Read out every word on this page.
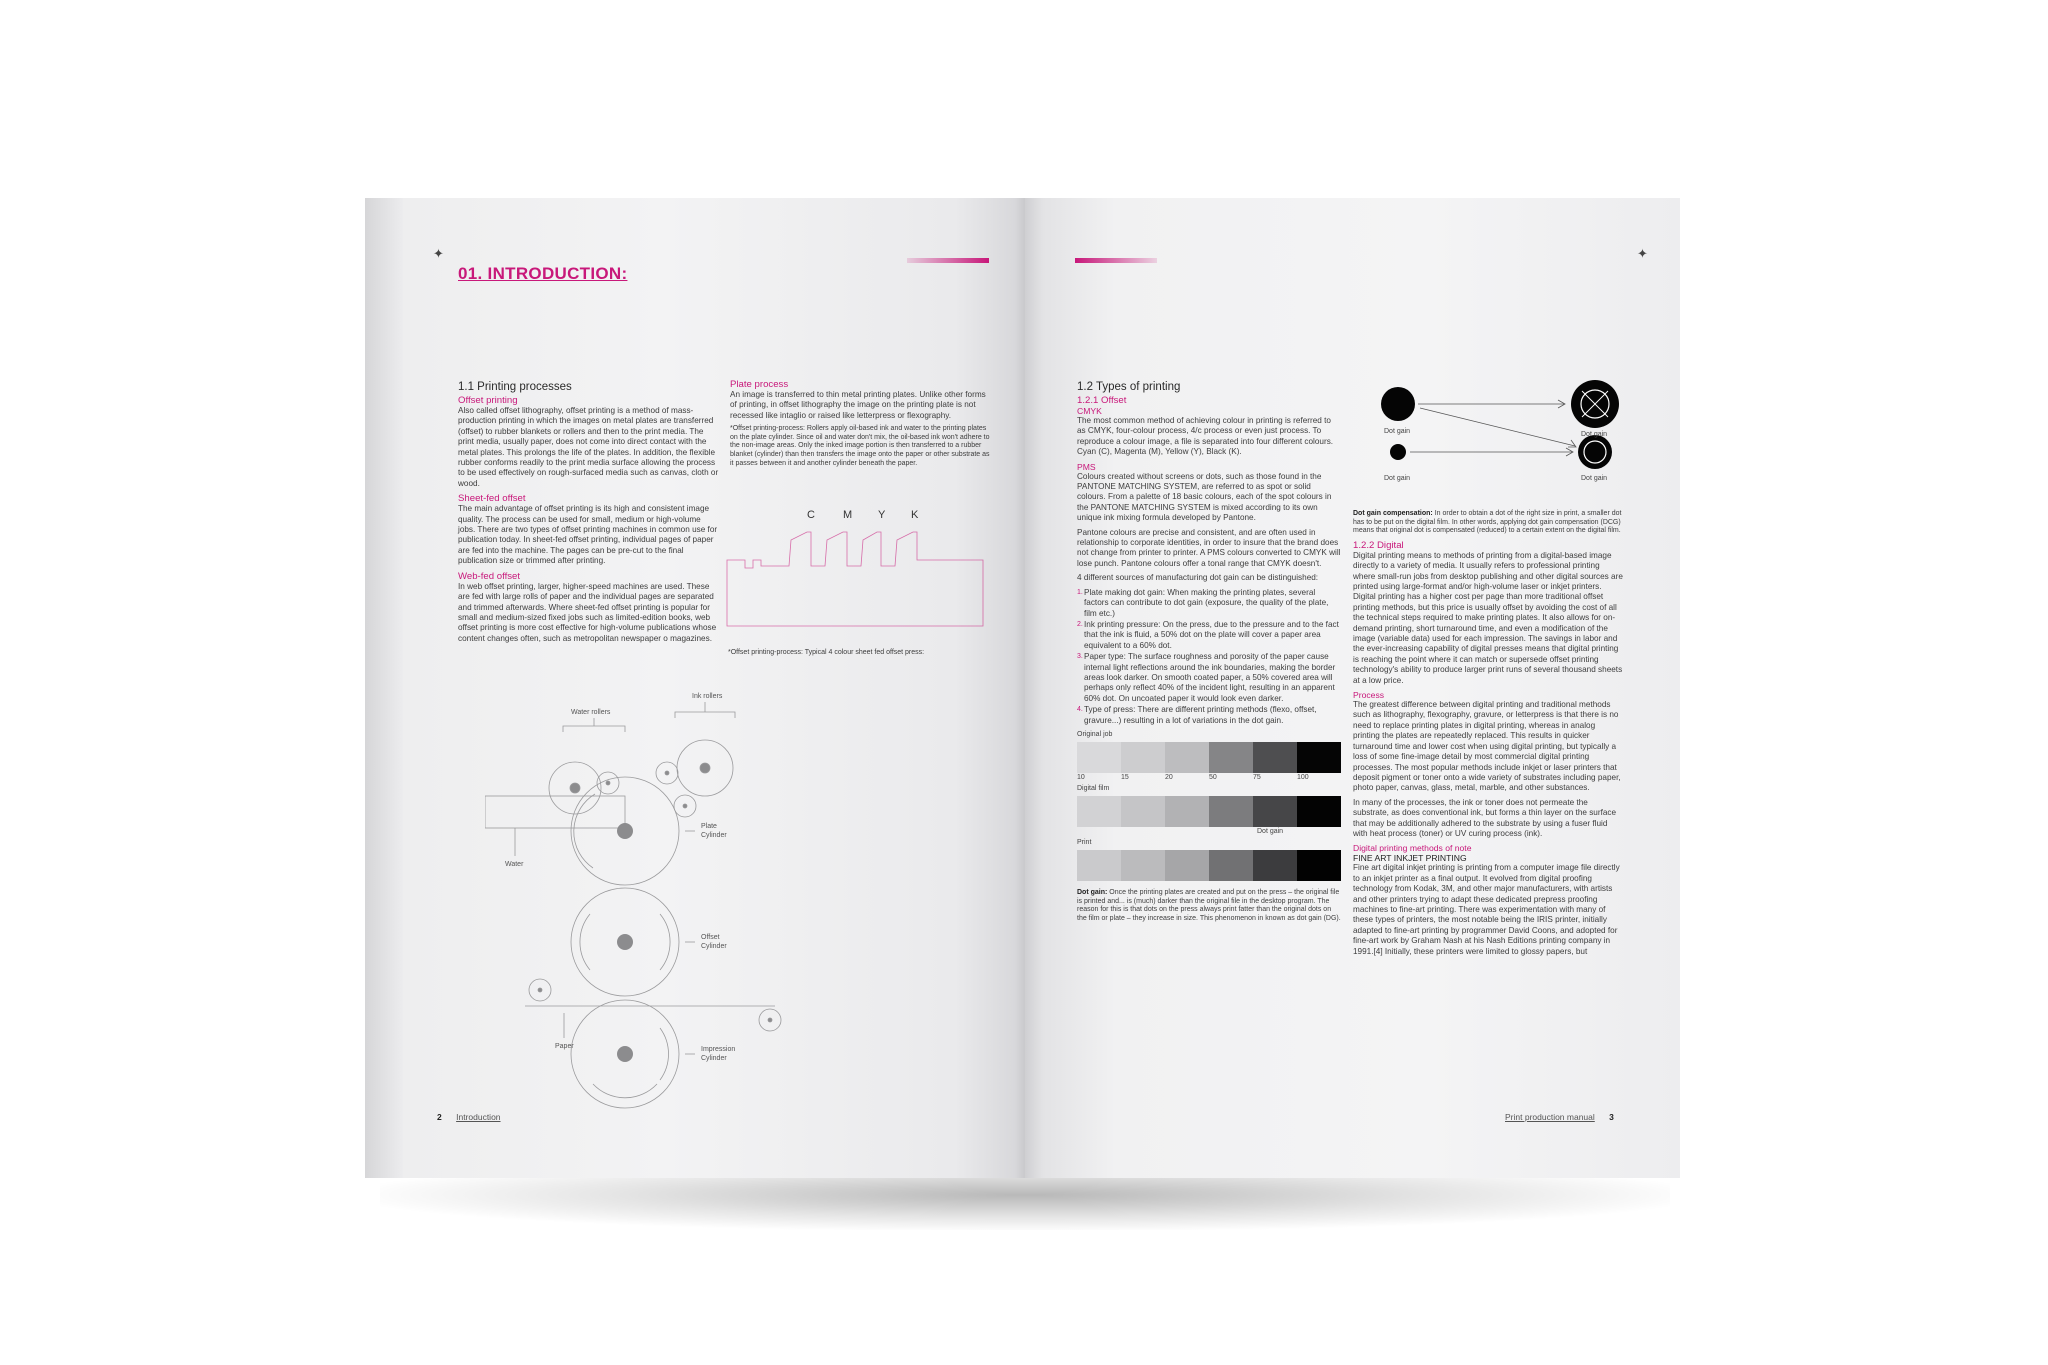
✦
01. INTRODUCTION:
1.1 Printing processes
Offset printing

Also called offset lithography, offset printing is a method of mass-production printing in which the images on metal plates are transferred (offset) to rubber blankets or rollers and then to the print media. The print media, usually paper, does not come into direct contact with the metal plates. This prolongs the life of the plates. In addition, the flexible rubber conforms readily to the print media surface allowing the process to be used effectively on rough-surfaced media such as canvas, cloth or wood.

Sheet-fed offset

The main advantage of offset printing is its high and consistent image quality. The process can be used for small, medium or high-volume jobs. There are two types of offset printing machines in common use for publication today. In sheet-fed offset printing, individual pages of paper are fed into the machine. The pages can be pre-cut to the final publication size or trimmed after printing.

Web-fed offset

In web offset printing, larger, higher-speed machines are used. These are fed with large rolls of paper and the individual pages are separated and trimmed afterwards. Where sheet-fed offset printing is popular for small and medium-sized fixed jobs such as limited-edition books, web offset printing is more cost effective for high-volume publications whose content changes often, such as metropolitan newspaper o magazines.

Plate process

An image is transferred to thin metal printing plates. Unlike other forms of printing, in offset lithography the image on the printing plate is not recessed like intaglio or raised like letterpress or flexography.

*Offset printing-process: Rollers apply oil-based ink and water to the printing plates on the plate cylinder. Since oil and water don't mix, the oil-based ink won't adhere to the non-image areas. Only the inked image portion is then transferred to a rubber blanket (cylinder) than then transfers the image onto the paper or other substrate as it passes between it and another cylinder beneath the paper.

C	M Y K
*Offset printing-process: Typical 4 colour sheet fed offset press:
Ink rollers
Water rollers
Water
Plate
Cylinder
Offset
Cylinder
Paper	Impression
Cylinder
2 Introduction
✦
1.2 Types of printing
1.2.1 Offset
CMYK

The most common method of achieving colour in printing is referred to as CMYK, four-colour process, 4/c process or even just process. To reproduce a colour image, a file is separated into four different colours. Cyan (C), Magenta (M), Yellow (Y), Black (K).

PMS

Colours created without screens or dots, such as those found in the PANTONE MATCHING SYSTEM, are referred to as spot or solid colours. From a palette of 18 basic colours, each of the spot colours in the PANTONE MATCHING SYSTEM is mixed according to its own unique ink mixing formula developed by Pantone.

Pantone colours are precise and consistent, and are often used in relationship to corporate identities, in order to insure that the brand does not change from printer to printer. A PMS colours converted to CMYK will lose punch. Pantone colours offer a tonal range that CMYK doesn't.

4 different sources of manufacturing dot gain can be distinguished:

1. Plate making dot gain: When making the printing plates, several factors can contribute to dot gain (exposure, the quality of the plate, film etc.)
2. Ink printing pressure: On the press, due to the pressure and to the fact that the ink is fluid, a 50% dot on the plate will cover a paper area equivalent to a 60% dot.
3. Paper type: The surface roughness and porosity of the paper cause internal light reflections around the ink boundaries, making the border areas look darker. On smooth coated paper, a 50% covered area will perhaps only reflect 40% of the incident light, resulting in an apparent 60% dot. On uncoated paper it would look even darker.
4. Type of press: There are different printing methods (flexo, offset, gravure...) resulting in a lot of variations in the dot gain.
Original job
10	15	20	50	75	100
Digital film
Dot gain
Print

Dot gain: Once the printing plates are created and put on the press – the original file is printed and... is (much) darker than the original file in the desktop program. The reason for this is that dots on the press always print fatter than the original dots on the film or plate – they increase in size. This phenomenon in known as dot gain (DG).

Dot gain	Dot gain
Dot gain	Dot gain

Dot gain compensation: In order to obtain a dot of the right size in print, a smaller dot has to be put on the digital film. In other words, applying dot gain compensation (DCG) means that original dot is compensated (reduced) to a certain extent on the digital film.

1.2.2 Digital

Digital printing means to methods of printing from a digital-based image directly to a variety of media. It usually refers to professional printing where small-run jobs from desktop publishing and other digital sources are printed using large-format and/or high-volume laser or inkjet printers. Digital printing has a higher cost per page than more traditional offset printing methods, but this price is usually offset by avoiding the cost of all the technical steps required to make printing plates. It also allows for on-demand printing, short turnaround time, and even a modification of the image (variable data) used for each impression. The savings in labor and the ever-increasing capability of digital presses means that digital printing is reaching the point where it can match or supersede offset printing technology's ability to produce larger print runs of several thousand sheets at a low price.

Process

The greatest difference between digital printing and traditional methods such as lithography, flexography, gravure, or letterpress is that there is no need to replace printing plates in digital printing, whereas in analog printing the plates are repeatedly replaced. This results in quicker turnaround time and lower cost when using digital printing, but typically a loss of some fine-image detail by most commercial digital printing processes. The most popular methods include inkjet or laser printers that deposit pigment or toner onto a wide variety of substrates including paper, photo paper, canvas, glass, metal, marble, and other substances.

In many of the processes, the ink or toner does not permeate the substrate, as does conventional ink, but forms a thin layer on the surface that may be additionally adhered to the substrate by using a fuser fluid with heat process (toner) or UV curing process (ink).

Digital printing methods of note
FINE ART INKJET PRINTING

Fine art digital inkjet printing is printing from a computer image file directly to an inkjet printer as a final output. It evolved from digital proofing technology from Kodak, 3M, and other major manufacturers, with artists and other printers trying to adapt these dedicated prepress proofing machines to fine-art printing. There was experimentation with many of these types of printers, the most notable being the IRIS printer, initially adapted to fine-art printing by programmer David Coons, and adopted for fine-art work by Graham Nash at his Nash Editions printing company in 1991.[4] Initially, these printers were limited to glossy papers, but

Print production manual 3
